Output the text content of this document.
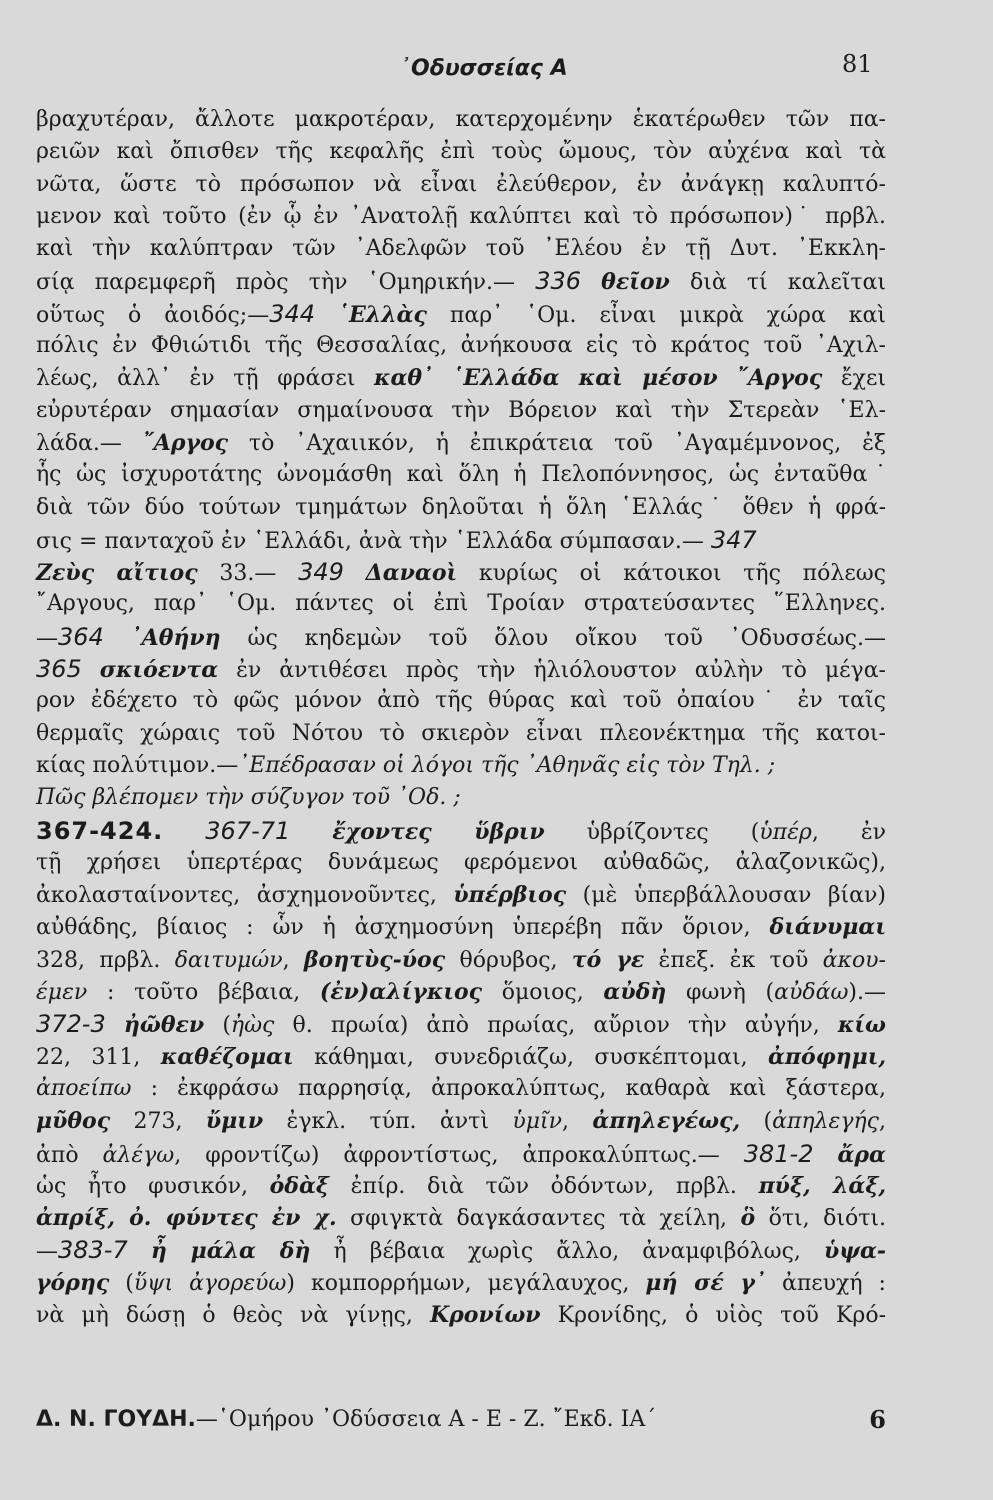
᾿Οδυσσείας Α	81
βραχυτέραν, ἄλλοτε μακροτέραν, κατερχομένην ἑκατέρωθεν τῶν πα-
ρειῶν καὶ ὄπισθεν τῆς κεφαλῆς ἐπὶ τοὺς ὤμους, τὸν αὐχένα καὶ τὰ
νῶτα, ὥστε τὸ πρόσωπον νὰ εἶναι ἐλεύθερον, ἐν ἀνάγκῃ καλυπτό-
μενον καὶ τοῦτο (ἐν ᾧ ἐν ᾿Ανατολῇ καλύπτει καὶ τὸ πρόσωπον)˙ πρβλ.
καὶ τὴν καλύπτραν τῶν ᾿Αδελφῶν τοῦ ᾿Ελέου ἐν τῇ Δυτ. ᾿Εκκλη-
σίᾳ παρεμφερῆ πρὸς τὴν ῾Ομηρικήν.— 336 θεῖον διὰ τί καλεῖται
οὕτως ὁ ἀοιδός;—344 ῾Ελλὰς παρ᾿ ῾Ομ. εἶναι μικρὰ χώρα καὶ
πόλις ἐν Φθιώτιδι τῆς Θεσσαλίας, ἀνήκουσα εἰς τὸ κράτος τοῦ ᾿Αχιλ-
λέως, ἀλλ᾿ ἐν τῇ φράσει καθ᾿ ῾Ελλάδα καὶ μέσον ῎Αργος ἔχει
εὐρυτέραν σημασίαν σημαίνουσα τὴν Βόρειον καὶ τὴν Στερεὰν ῾Ελ-
λάδα.— ῎Αργος τὸ ᾿Αχαιικόν, ἡ ἐπικράτεια τοῦ ᾿Αγαμέμνονος, ἐξ
ἧς ὡς ἰσχυροτάτης ὠνομάσθη καὶ ὅλη ἡ Πελοπόννησος, ὡς ἐνταῦθα˙
διὰ τῶν δύο τούτων τμημάτων δηλοῦται ἡ ὅλη ῾Ελλάς˙ ὅθεν ἡ φρά-
σις = πανταχοῦ ἐν ῾Ελλάδι, ἀνὰ τὴν ῾Ελλάδα σύμπασαν.— 347
Ζεὺς αἴτιος 33.— 349 Δαναοὶ κυρίως οἱ κάτοικοι τῆς πόλεως
῎Αργους, παρ᾿ ῾Ομ. πάντες οἱ ἐπὶ Τροίαν στρατεύσαντες ῞Ελληνες.
—364 ᾿Αθήνη ὡς κηδεμὼν τοῦ ὅλου οἴκου τοῦ ᾿Οδυσσέως.—
365 σκιόεντα ἐν ἀντιθέσει πρὸς τὴν ἡλιόλουστον αὐλὴν τὸ μέγα-
ρον ἐδέχετο τὸ φῶς μόνον ἀπὸ τῆς θύρας καὶ τοῦ ὀπαίου˙ ἐν ταῖς
θερμαῖς χώραις τοῦ Νότου τὸ σκιερὸν εἶναι πλεονέκτημα τῆς κατοι-
κίας πολύτιμον.—᾿Επέδρασαν οἱ λόγοι τῆς ᾿Αθηνᾶς εἰς τὸν Τηλ. ;
Πῶς βλέπομεν τὴν σύζυγον τοῦ ᾿Οδ. ;
367-424. 367-71 ἔχοντες ὕβριν ὑβρίζοντες (ὑπέρ, ἐν
τῇ χρήσει ὑπερτέρας δυνάμεως φερόμενοι αὐθαδῶς, ἀλαζονικῶς),
ἀκολασταίνοντες, ἀσχημονοῦντες, ὑπέρβιος (μὲ ὑπερβάλλουσαν βίαν)
αὐθάδης, βίαιος : ὧν ἡ ἀσχημοσύνη ὑπερέβη πᾶν ὅριον, διάνυμαι
328, πρβλ. δαιτυμών, βοητὺς-ύος θόρυβος, τό γε ἐπεξ. ἐκ τοῦ ἀκου-
έμεν : τοῦτο βέβαια, (ἐν)αλίγκιος ὅμοιος, αὐδὴ φωνὴ (αὐδάω).—
372-3 ἠῶθεν (ἠὼς θ. πρωία) ἀπὸ πρωίας, αὔριον τὴν αὐγήν, κίω
22, 311, καθέζομαι κάθημαι, συνεδριάζω, συσκέπτομαι, ἀπόφημι,
ἀποείπω : ἐκφράσω παρρησίᾳ, ἀπροκαλύπτως, καθαρὰ καὶ ξάστερα,
μῦθος 273, ὔμιν ἐγκλ. τύπ. ἀντὶ ὑμῖν, ἀπηλεγέως, (ἀπηλεγής,
ἀπὸ ἀλέγω, φροντίζω) ἀφροντίστως, ἀπροκαλύπτως.— 381-2 ἄρα
ὡς ἦτο φυσικόν, ὀδὰξ ἐπίρ. διὰ τῶν ὀδόντων, πρβλ. πύξ, λάξ,
ἀπρίξ, ὀ. φύντες ἐν χ. σφιγκτὰ δαγκάσαντες τὰ χείλη, ὃ ὅτι, διότι.
—383-7 ἦ μάλα δὴ ἦ βέβαια χωρὶς ἄλλο, ἀναμφιβόλως, ὑψα-
γόρης (ὕψι ἀγορεύω) κομπορρήμων, μεγάλαυχος, μή σέ γ᾿ ἀπευχή :
νὰ μὴ δώσῃ ὁ θεὸς νὰ γίνῃς, Κρονίων Κρονίδης, ὁ υἱὸς τοῦ Κρό-
Δ. Ν. ΓΟΥΔΗ.—῾Ομήρου ᾿Οδύσσεια Α - Ε - Ζ. ῎Εκδ. ΙΑ΄	6
